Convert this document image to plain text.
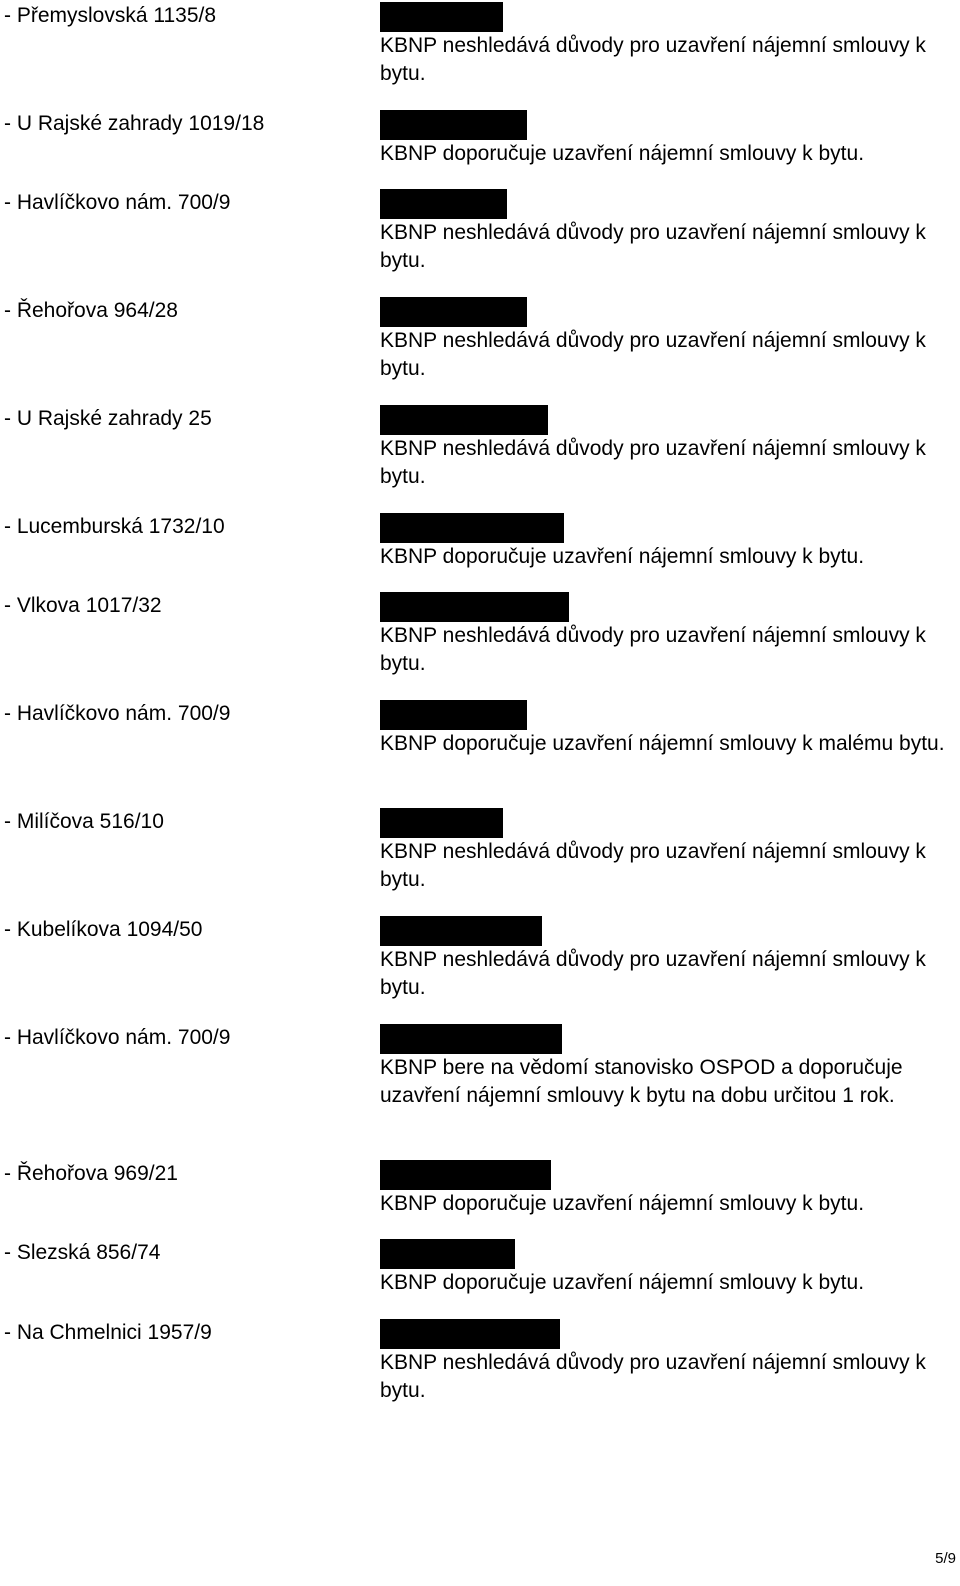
- Přemyslovská 1135/8
- U Rajské zahrady 1019/18
- Havlíčkovo nám. 700/9
- Řehořova 964/28
- U Rajské zahrady 25
- Lucemburská 1732/10
- Vlkova 1017/32
- Havlíčkovo nám. 700/9
- Milíčova 516/10
- Kubelíkova 1094/50
- Havlíčkovo nám. 700/9
- Řehořova 969/21
- Slezská 856/74
- Na Chmelnici 1957/9
KBNP neshledává důvody pro uzavření nájemní smlouvy k bytu.
KBNP doporučuje uzavření nájemní smlouvy k bytu.
KBNP neshledává důvody pro uzavření nájemní smlouvy k bytu.
KBNP neshledává důvody pro uzavření nájemní smlouvy k bytu.
KBNP neshledává důvody pro uzavření nájemní smlouvy k bytu.
KBNP doporučuje uzavření nájemní smlouvy k bytu.
KBNP neshledává důvody pro uzavření nájemní smlouvy k bytu.
KBNP doporučuje uzavření nájemní smlouvy k malému bytu.
KBNP neshledává důvody pro uzavření nájemní smlouvy k bytu.
KBNP neshledává důvody pro uzavření nájemní smlouvy k bytu.
KBNP bere na vědomí stanovisko OSPOD a doporučuje uzavření nájemní smlouvy k bytu na dobu určitou 1 rok.
KBNP doporučuje uzavření nájemní smlouvy k bytu.
KBNP doporučuje uzavření nájemní smlouvy k bytu.
KBNP neshledává důvody pro uzavření nájemní smlouvy k bytu.
5/9
